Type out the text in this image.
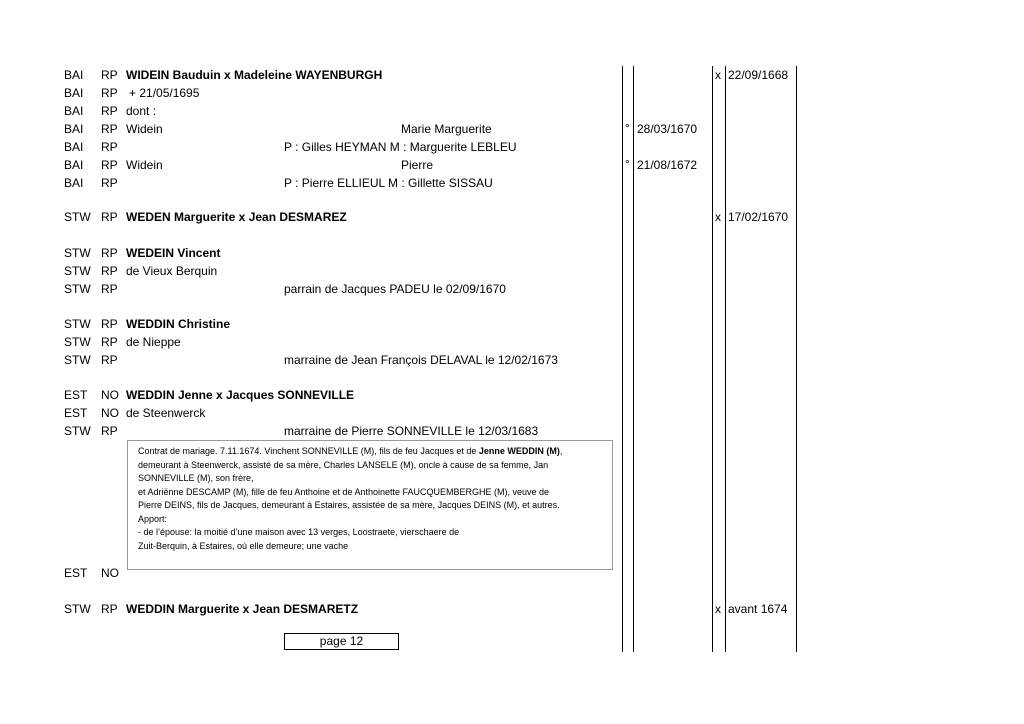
BAI RP WIDEIN Bauduin x Madeleine WAYENBURGH	x 22/09/1668
BAI RP + 21/05/1695
BAI RP dont :
BAI RP Widein	Marie Marguerite	° 28/03/1670
BAI RP	P : Gilles HEYMAN M : Marguerite LEBLEU
BAI RP Widein	Pierre	° 21/08/1672
BAI RP	P : Pierre ELLIEUL M : Gillette SISSAU
STW RP WEDEN Marguerite x Jean DESMAREZ	x 17/02/1670
STW RP WEDEIN Vincent
STW RP de Vieux Berquin
STW RP	parrain de Jacques PADEU le 02/09/1670
STW RP WEDDIN Christine
STW RP de Nieppe
STW RP	marraine de Jean François DELAVAL le 12/02/1673
EST NO WEDDIN Jenne x Jacques SONNEVILLE
EST NO de Steenwerck
STW RP	marraine de Pierre SONNEVILLE le 12/03/1683
EST NO
STW RP WEDDIN Marguerite x Jean DESMARETZ	x avant 1674
Contrat de mariage. 7.11.1674. Vinchent SONNEVILLE (M), fils de feu Jacques et de Jenne WEDDIN (M),
demeurant à Steenwerck, assisté de sa mère, Charles LANSELE (M), oncle à cause de sa femme, Jan
SONNEVILLE (M), son frère,
et Adriënne DESCAMP (M), fille de feu Anthoine et de Anthoinette FAUCQUEMBERGHE (M), veuve de
Pierre DEINS, fils de Jacques, demeurant à Estaires, assistée de sa mère, Jacques DEINS (M), et autres.
Apport:
- de l’épouse: la moitié d’une maison avec 13 verges, Loostraete, vierschaere de
Zuit-Berquin, à Estaires, où elle demeure; une vache
page 12
